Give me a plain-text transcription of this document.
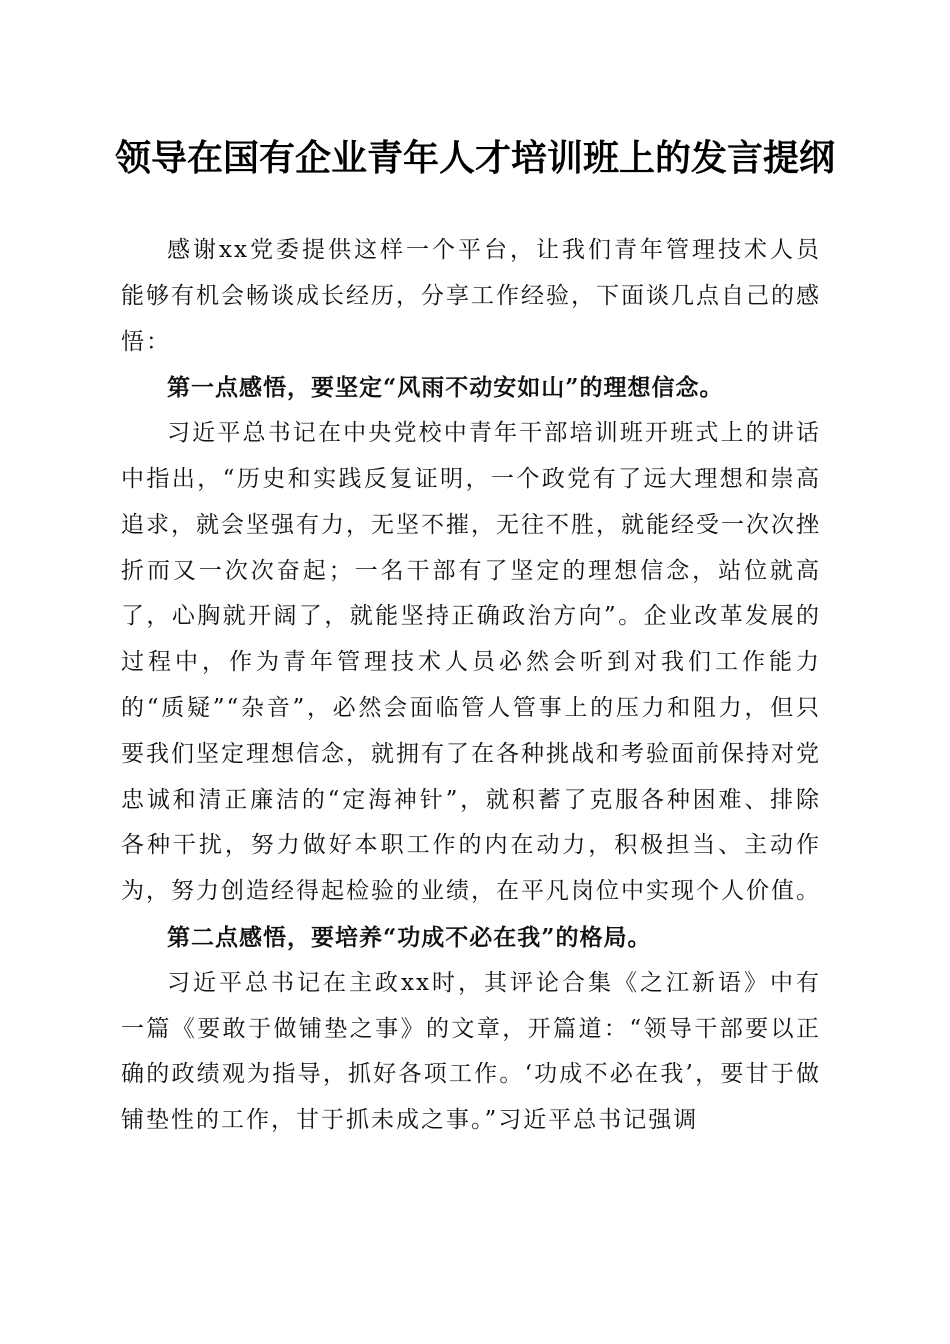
领导在国有企业青年人才培训班上的发言提纲

感谢xx党委提供这样一个平台，让我们青年管理技术人员能够有机会畅谈成长经历，分享工作经验，下面谈几点自己的感悟：

第一点感悟，要坚定“风雨不动安如山”的理想信念。

习近平总书记在中央党校中青年干部培训班开班式上的讲话中指出，“历史和实践反复证明，一个政党有了远大理想和崇高追求，就会坚强有力，无坚不摧，无往不胜，就能经受一次次挫折而又一次次奋起；一名干部有了坚定的理想信念，站位就高了，心胸就开阔了，就能坚持正确政治方向”。企业改革发展的过程中，作为青年管理技术人员必然会听到对我们工作能力的“质疑”“杂音”，必然会面临管人管事上的压力和阻力，但只要我们坚定理想信念，就拥有了在各种挑战和考验面前保持对党忠诚和清正廉洁的“定海神针”，就积蓄了克服各种困难、排除各种干扰，努力做好本职工作的内在动力，积极担当、主动作为，努力创造经得起检验的业绩，在平凡岗位中实现个人价值。

第二点感悟，要培养“功成不必在我”的格局。

习近平总书记在主政xx时，其评论合集《之江新语》中有一篇《要敢于做铺垫之事》的文章，开篇道：“领导干部要以正确的政绩观为指导，抓好各项工作。‘功成不必在我’，要甘于做铺垫性的工作，甘于抓未成之事。”习近平总书记强调
